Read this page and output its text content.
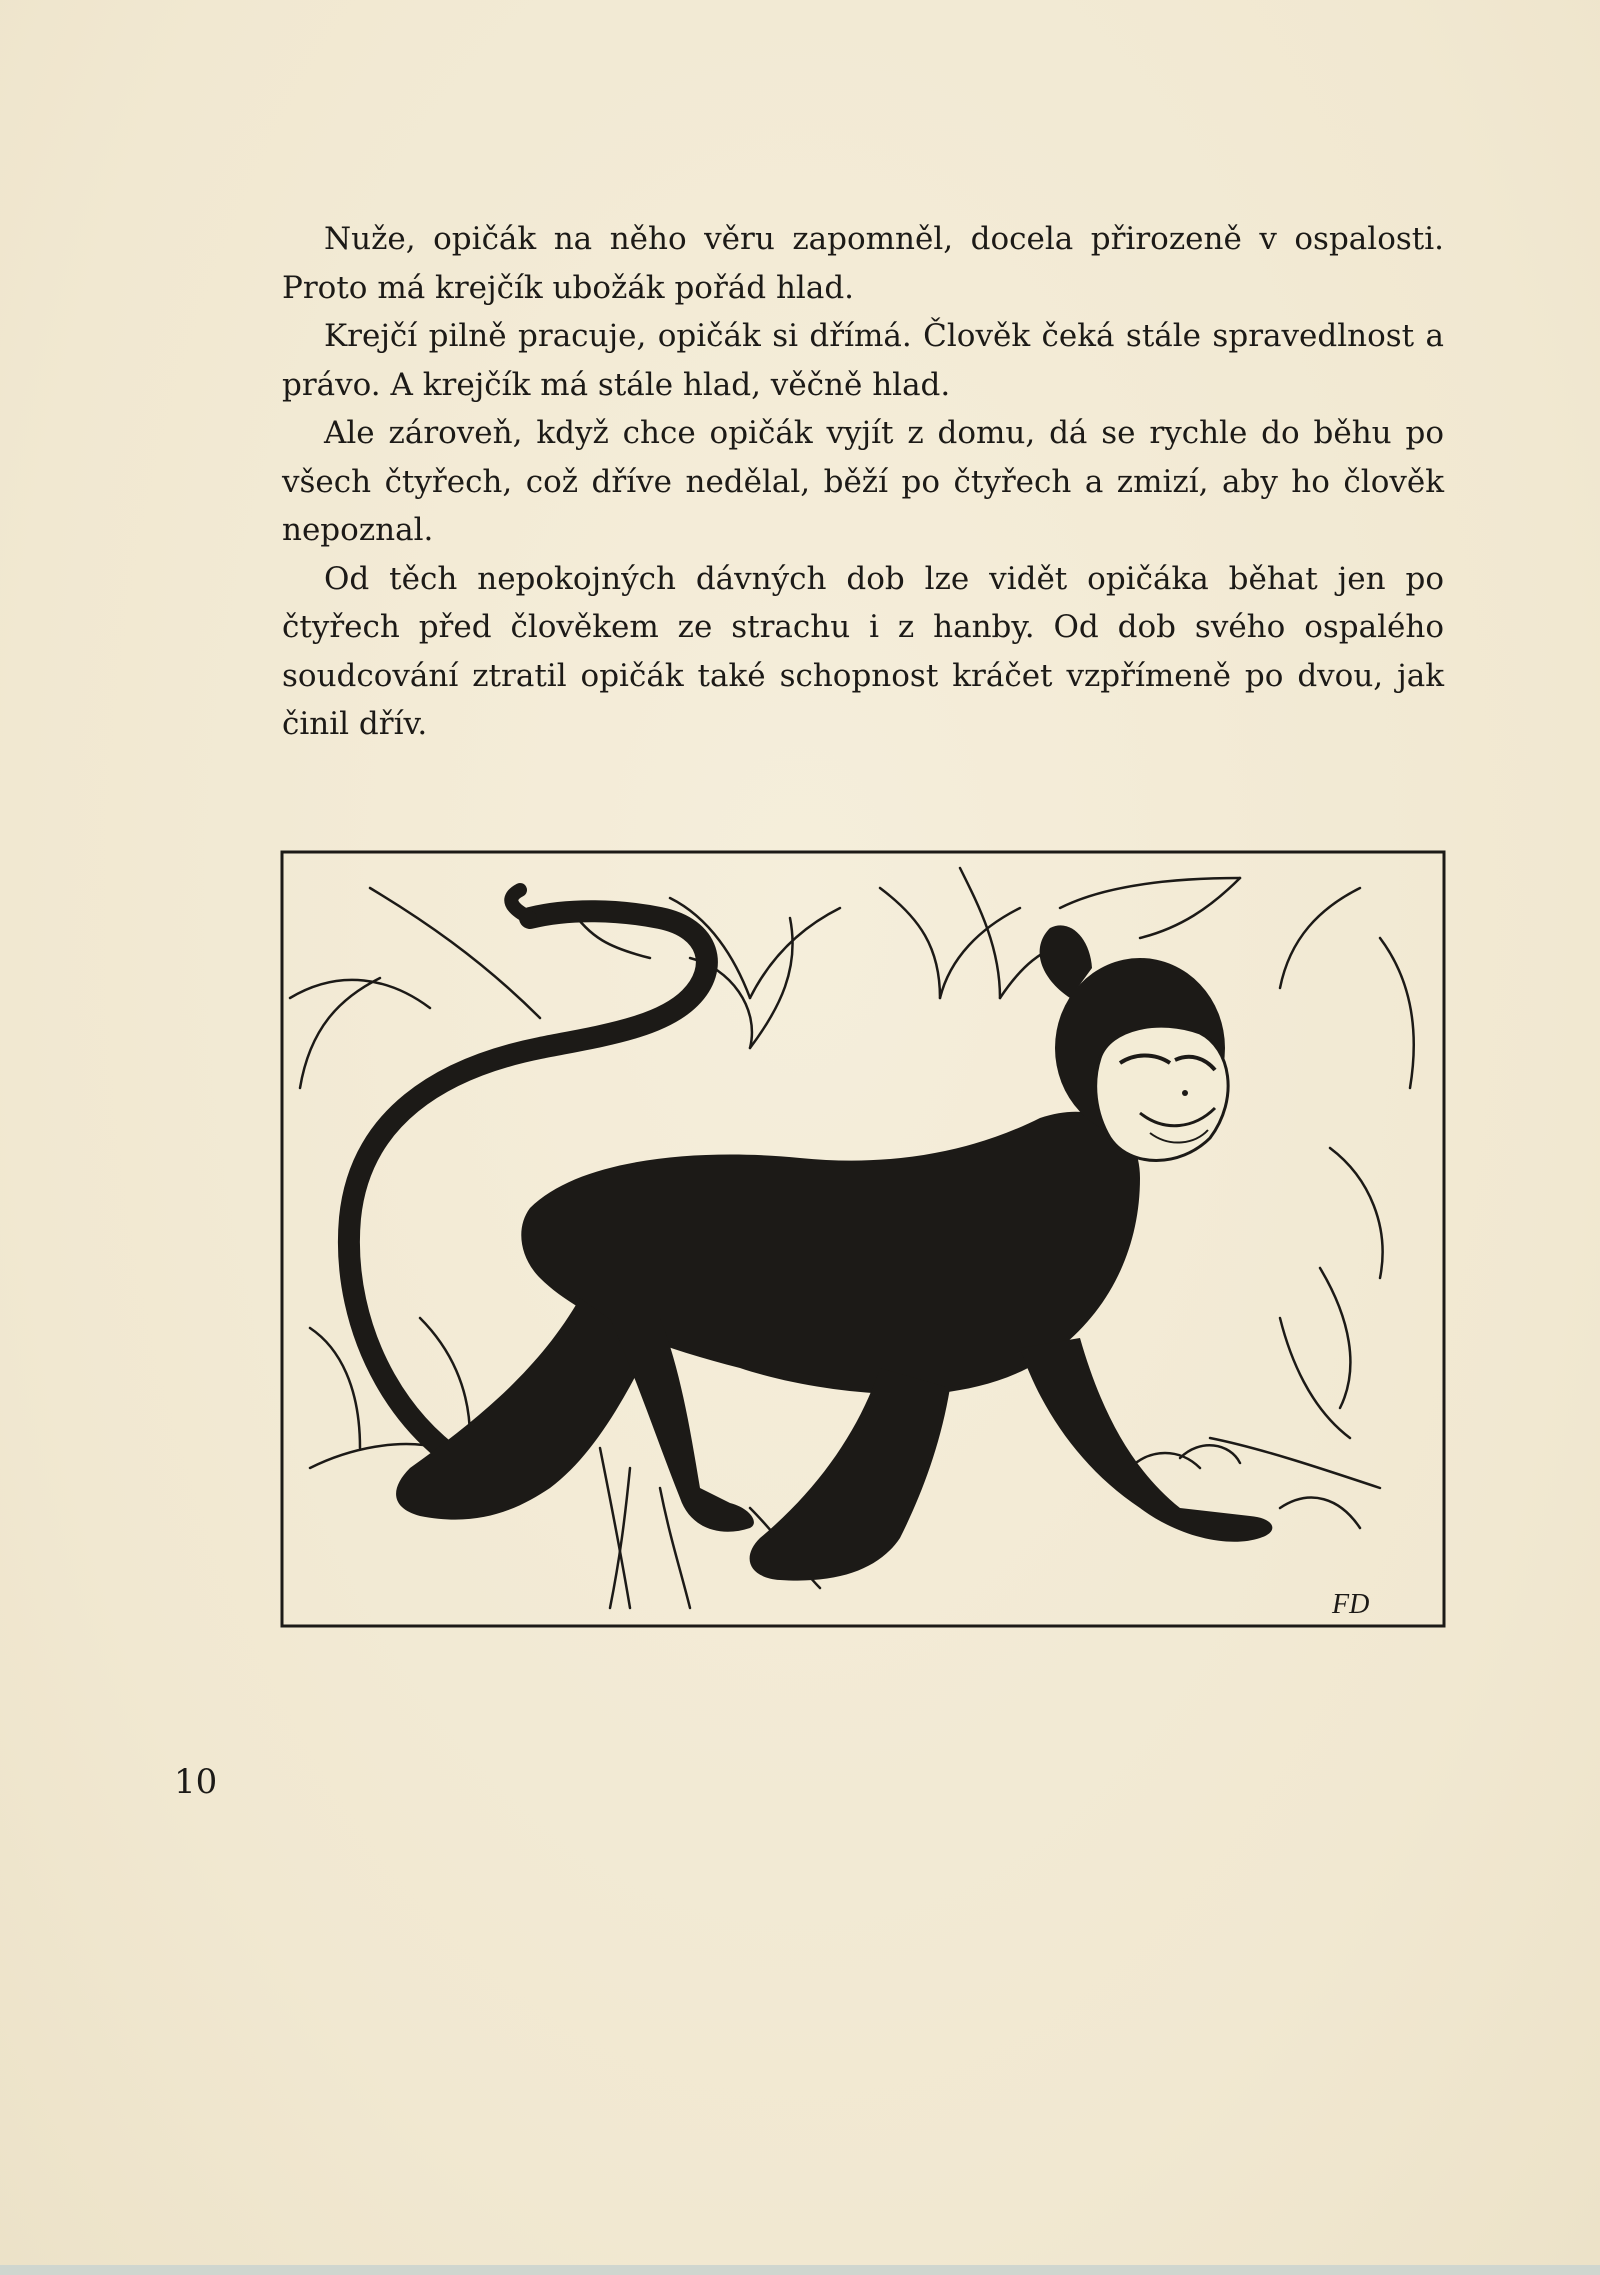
Nuže, opičák na něho věru zapomněl, docela přirozeně v ospalosti. Proto má krejčík ubožák pořád hlad.

Krejčí pilně pracuje, opičák si dřímá. Člověk čeká stále spravedlnost a právo. A krejčík má stále hlad, věčně hlad.

Ale zároveň, když chce opičák vyjít z domu, dá se rychle do běhu po všech čtyřech, což dříve nedělal, běží po čtyřech a zmizí, aby ho člověk nepoznal.

Od těch nepokojných dávných dob lze vidět opičáka běhat jen po čtyřech před člověkem ze strachu i z hanby. Od dob svého ospalého soudcování ztratil opičák také schopnost kráčet vzpřímeně po dvou, jak činil dřív.

FD
10
